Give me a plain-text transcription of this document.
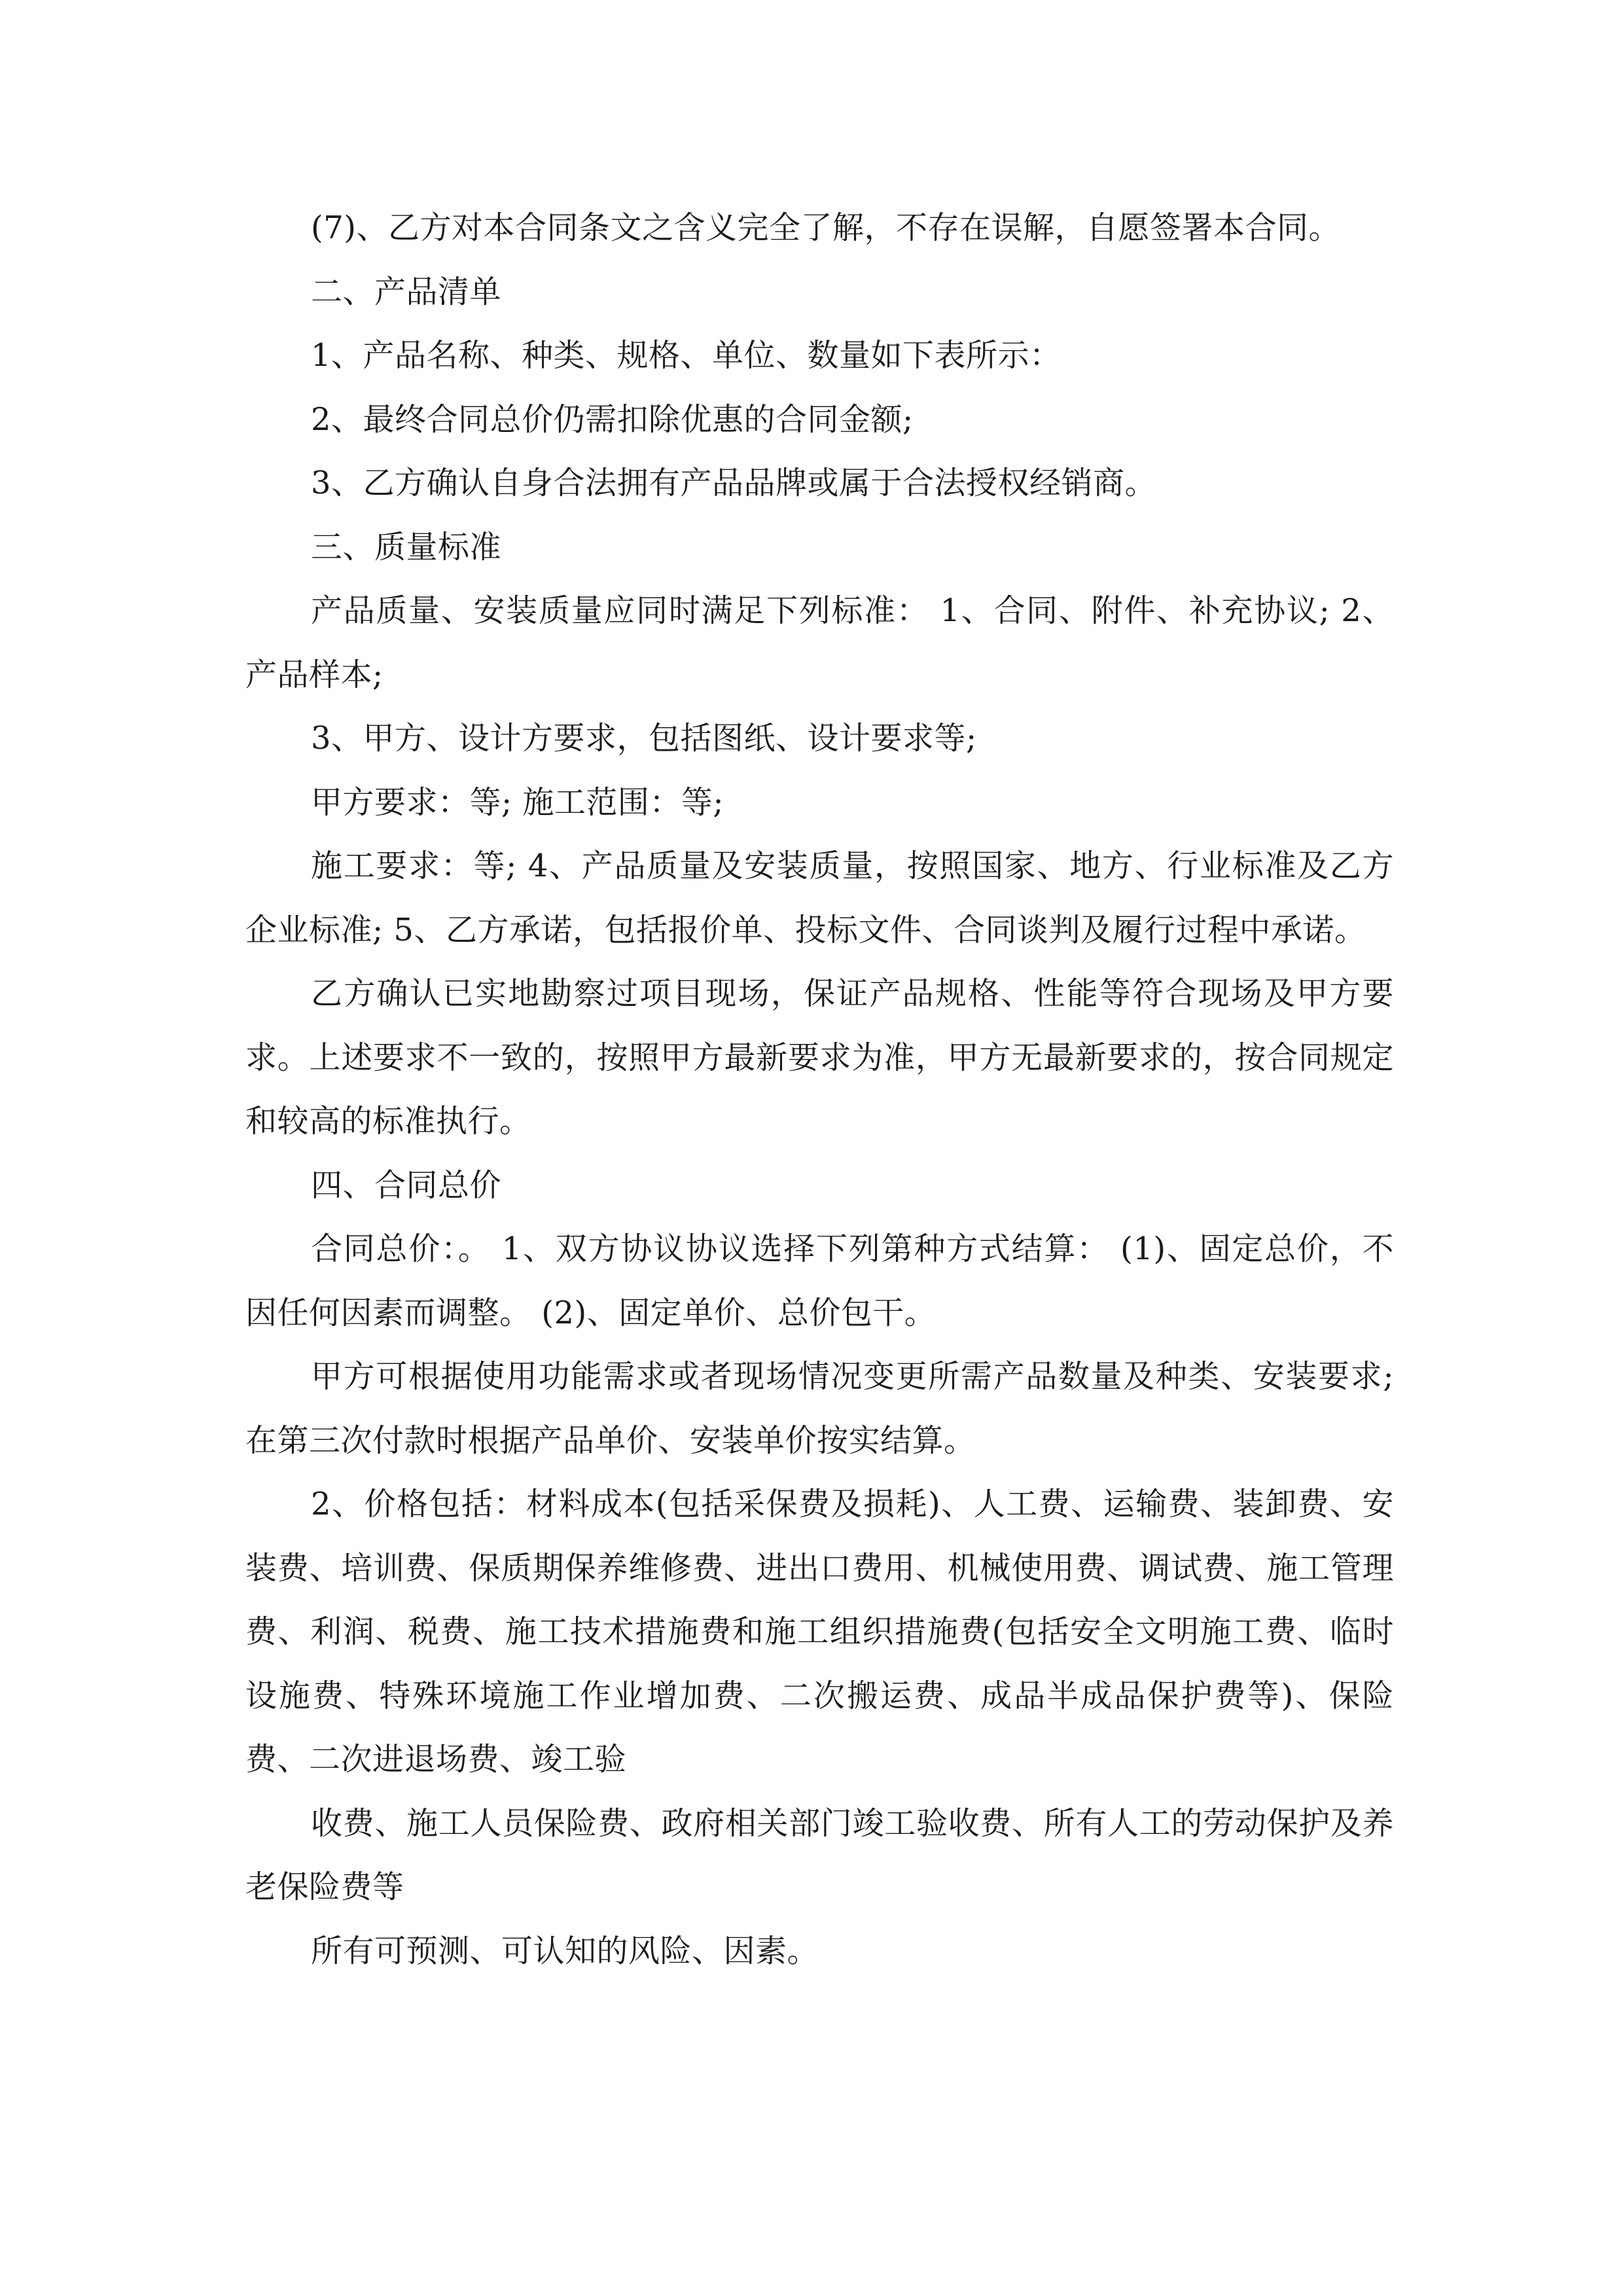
(7)、乙方对本合同条文之含义完全了解，不存在误解，自愿签署本合同。

二、产品清单

1、产品名称、种类、规格、单位、数量如下表所示：

2、最终合同总价仍需扣除优惠的合同金额;

3、乙方确认自身合法拥有产品品牌或属于合法授权经销商。

三、质量标准

产品质量、安装质量应同时满足下列标准： 1、合同、附件、补充协议; 2、产品样本;

3、甲方、设计方要求，包括图纸、设计要求等;

甲方要求：等; 施工范围：等;

施工要求：等; 4、产品质量及安装质量，按照国家、地方、行业标准及乙方企业标准; 5、乙方承诺，包括报价单、投标文件、合同谈判及履行过程中承诺。

乙方确认已实地勘察过项目现场，保证产品规格、性能等符合现场及甲方要求。上述要求不一致的，按照甲方最新要求为准，甲方无最新要求的，按合同规定和较高的标准执行。

四、合同总价

合同总价：。 1、双方协议协议选择下列第种方式结算： (1)、固定总价，不因任何因素而调整。 (2)、固定单价、总价包干。

甲方可根据使用功能需求或者现场情况变更所需产品数量及种类、安装要求;在第三次付款时根据产品单价、安装单价按实结算。

2、价格包括：材料成本(包括采保费及损耗)、人工费、运输费、装卸费、安装费、培训费、保质期保养维修费、进出口费用、机械使用费、调试费、施工管理费、利润、税费、施工技术措施费和施工组织措施费(包括安全文明施工费、临时设施费、特殊环境施工作业增加费、二次搬运费、成品半成品保护费等)、保险费、二次进退场费、竣工验

收费、施工人员保险费、政府相关部门竣工验收费、所有人工的劳动保护及养老保险费等

所有可预测、可认知的风险、因素。
